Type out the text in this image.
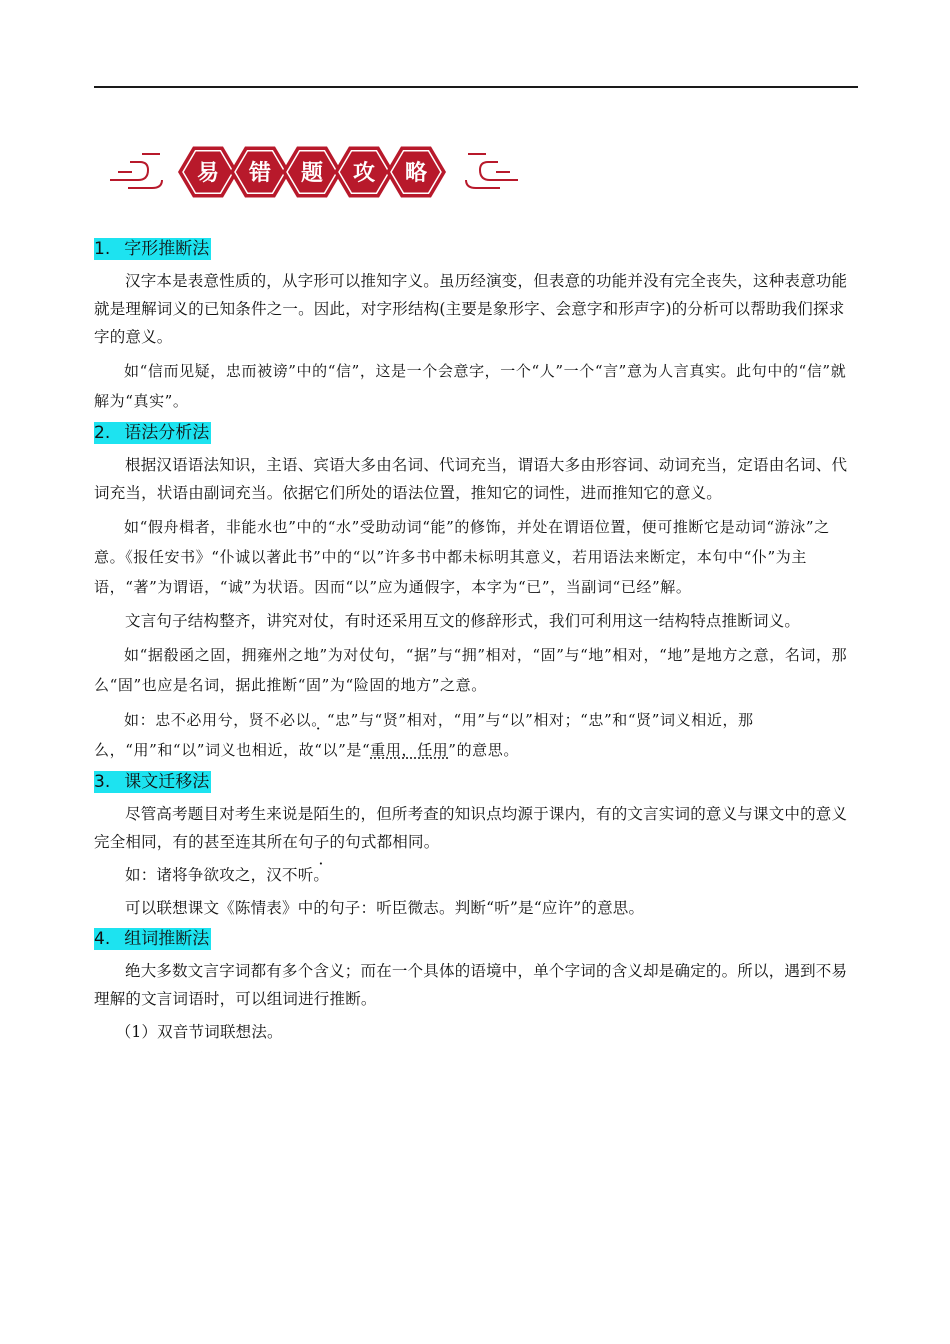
易 错 题 攻 略
1. 字形推断法

汉字本是表意性质的，从字形可以推知字义。虽历经演变，但表意的功能并没有完全丧失，这种表意功能就是理解词义的已知条件之一。因此，对字形结构(主要是象形字、会意字和形声字)的分析可以帮助我们探求字的意义。

如“信而见疑，忠而被谤”中的“信”，这是一个会意字，一个“人”一个“言”意为人言真实。此句中的“信”就解为“真实”。

2. 语法分析法

根据汉语语法知识，主语、宾语大多由名词、代词充当，谓语大多由形容词、动词充当，定语由名词、代词充当，状语由副词充当。依据它们所处的语法位置，推知它的词性，进而推知它的意义。

如“假舟楫者，非能水也”中的“水”受助动词“能”的修饰，并处在谓语位置，便可推断它是动词“游泳”之意。《报任安书》“仆诚以著此书”中的“以”许多书中都未标明其意义，若用语法来断定，本句中“仆”为主语，“著”为谓语，“诚”为状语。因而“以”应为通假字，本字为“已”，当副词“已经”解。

文言句子结构整齐，讲究对仗，有时还采用互文的修辞形式，我们可利用这一结构特点推断词义。

如“据殽函之固，拥雍州之地”为对仗句，“据”与“拥”相对，“固”与“地”相对，“地”是地方之意，名词，那么“固”也应是名词，据此推断“固”为“险固的地方”之意。

如：忠不必用兮，贤不必以。“忠”与“贤”相对，“用”与“以”相对；“忠”和“贤”词义相近，那么，“用”和“以”词义也相近，故“以”是“重用，任用”的意思。

3. 课文迁移法

尽管高考题目对考生来说是陌生的，但所考查的知识点均源于课内，有的文言实词的意义与课文中的意义完全相同，有的甚至连其所在句子的句式都相同。

如：诸将争欲攻之，汉不听。

可以联想课文《陈情表》中的句子：听臣微志。判断“听”是“应许”的意思。

4. 组词推断法

绝大多数文言字词都有多个含义；而在一个具体的语境中，单个字词的含义却是确定的。所以，遇到不易理解的文言词语时，可以组词进行推断。

（1）双音节词联想法。
